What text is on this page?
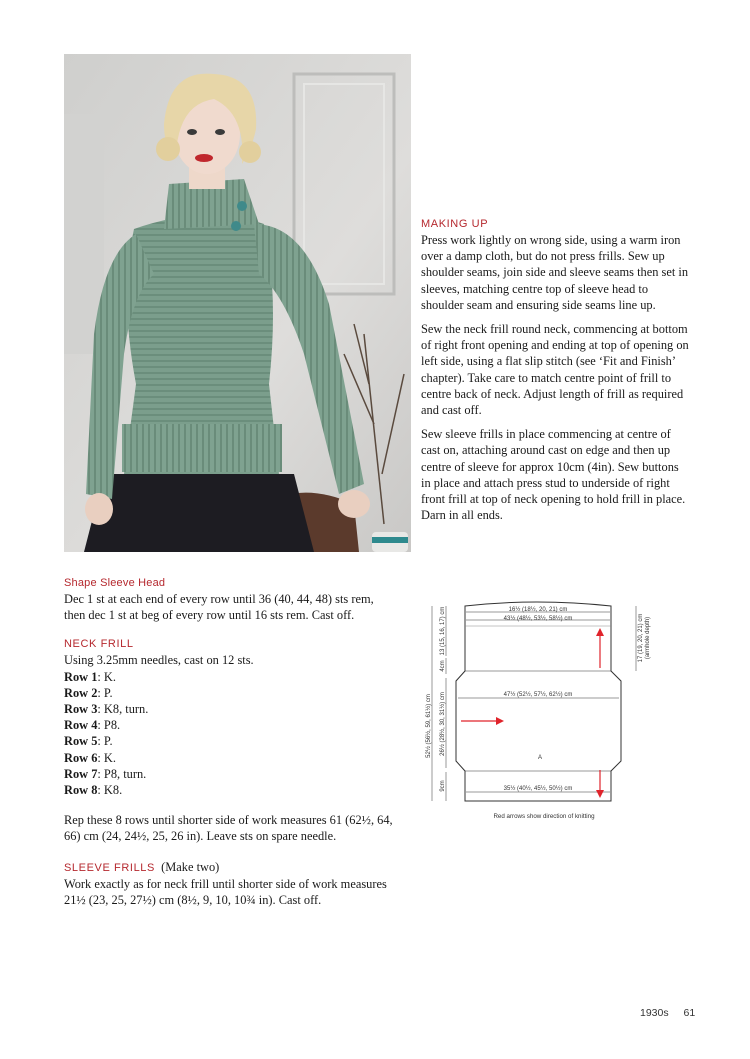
MAKING UP

Press work lightly on wrong side, using a warm iron over a damp cloth, but do not press frills. Sew up shoulder seams, join side and sleeve seams then set in sleeves, matching centre top of sleeve head to shoulder seam and ensuring side seams line up.

Sew the neck frill round neck, commencing at bottom of right front opening and ending at top of opening on left side, using a flat slip stitch (see ‘Fit and Finish’ chapter). Take care to match centre point of frill to centre back of neck. Adjust length of frill as required and cast off.

Sew sleeve frills in place commencing at centre of cast on, attaching around cast on edge and then up centre of sleeve for approx 10cm (4in). Sew buttons in place and attach press stud to underside of right front frill at top of neck opening to hold frill in place. Darn in all ends.

Shape Sleeve Head

Dec 1 st at each end of every row until 36 (40, 44, 48) sts rem, then dec 1 st at beg of every row until 16 sts rem. Cast off.

NECK FRILL

Using 3.25mm needles, cast on 12 sts.

Row 1: K.

Row 2: P.

Row 3: K8, turn.

Row 4: P8.

Row 5: P.

Row 6: K.

Row 7: P8, turn.

Row 8: K8.

Rep these 8 rows until shorter side of work measures 61 (62½, 64, 66) cm (24, 24½, 25, 26 in). Leave sts on spare needle.

SLEEVE FRILLS (Make two)

Work exactly as for neck frill until shorter side of work measures 21½ (23, 25, 27½) cm (8½, 9, 10, 10¾ in). Cast off.

16½ (18½, 20, 21) cm
43½ (48½, 53½, 58½) cm
47½ (52½, 57½, 62½) cm
35½ (40½, 45½, 50½) cm
52½ (56½, 59, 61½) cm
13 (15, 16, 17) cm
4cm
26½ (28½, 30, 31½) cm
9cm
17 (19, 20, 21) cm (armhole depth)
A
Red arrows show direction of knitting
1930s 61
